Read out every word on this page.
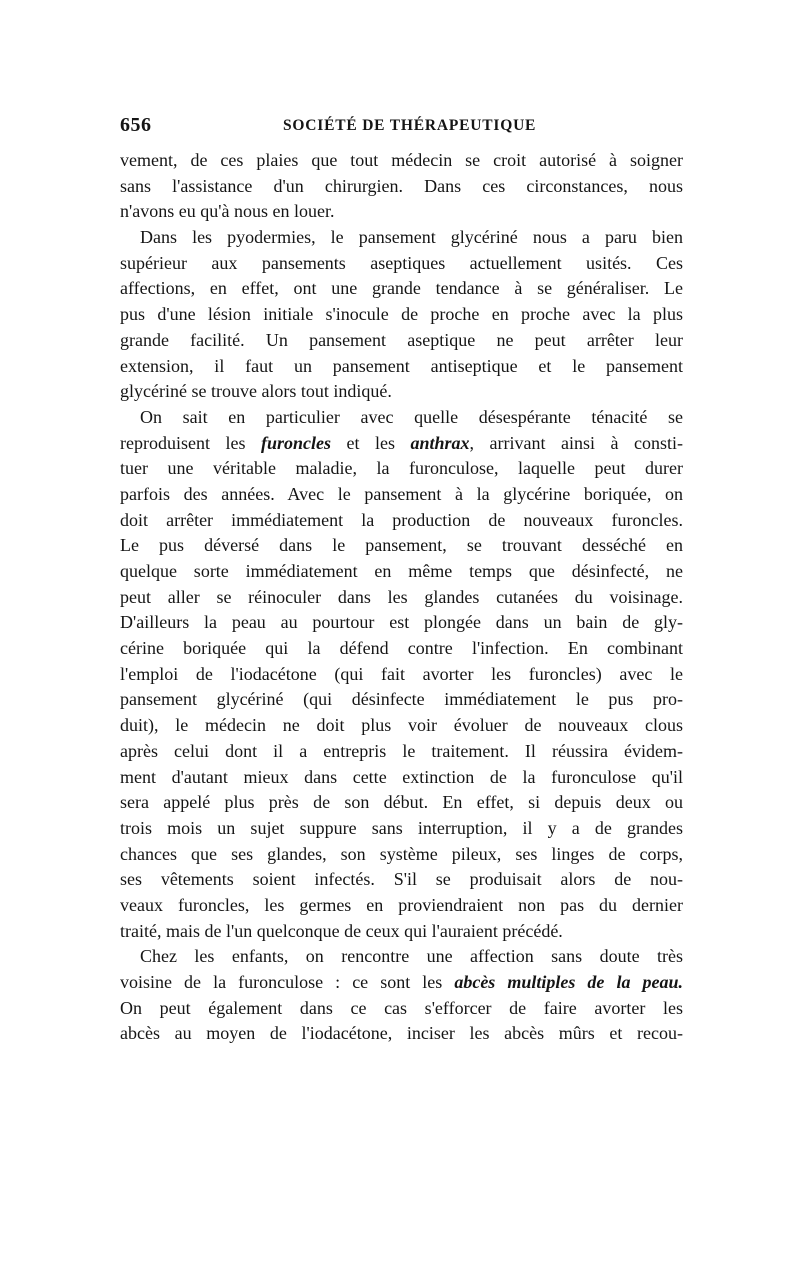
656	SOCIÉTÉ DE THÉRAPEUTIQUE
vement, de ces plaies que tout médecin se croit autorisé à soigner
sans l'assistance d'un chirurgien. Dans ces circonstances, nous
n'avons eu qu'à nous en louer.
Dans les pyodermies, le pansement glycériné nous a paru bien
supérieur aux pansements aseptiques actuellement usités. Ces
affections, en effet, ont une grande tendance à se généraliser. Le
pus d'une lésion initiale s'inocule de proche en proche avec la plus
grande facilité. Un pansement aseptique ne peut arrêter leur
extension, il faut un pansement antiseptique et le pansement
glycériné se trouve alors tout indiqué.
On sait en particulier avec quelle désespérante ténacité se
reproduisent les furoncles et les anthrax, arrivant ainsi à consti-
tuer une véritable maladie, la furonculose, laquelle peut durer
parfois des années. Avec le pansement à la glycérine boriquée, on
doit arrêter immédiatement la production de nouveaux furoncles.
Le pus déversé dans le pansement, se trouvant desséché en
quelque sorte immédiatement en même temps que désinfecté, ne
peut aller se réinoculer dans les glandes cutanées du voisinage.
D'ailleurs la peau au pourtour est plongée dans un bain de gly-
cérine boriquée qui la défend contre l'infection. En combinant
l'emploi de l'iodacétone (qui fait avorter les furoncles) avec le
pansement glycériné (qui désinfecte immédiatement le pus pro-
duit), le médecin ne doit plus voir évoluer de nouveaux clous
après celui dont il a entrepris le traitement. Il réussira évidem-
ment d'autant mieux dans cette extinction de la furonculose qu'il
sera appelé plus près de son début. En effet, si depuis deux ou
trois mois un sujet suppure sans interruption, il y a de grandes
chances que ses glandes, son système pileux, ses linges de corps,
ses vêtements soient infectés. S'il se produisait alors de nou-
veaux furoncles, les germes en proviendraient non pas du dernier
traité, mais de l'un quelconque de ceux qui l'auraient précédé.
Chez les enfants, on rencontre une affection sans doute très
voisine de la furonculose : ce sont les abcès multiples de la peau.
On peut également dans ce cas s'efforcer de faire avorter les
abcès au moyen de l'iodacétone, inciser les abcès mûrs et recou-
